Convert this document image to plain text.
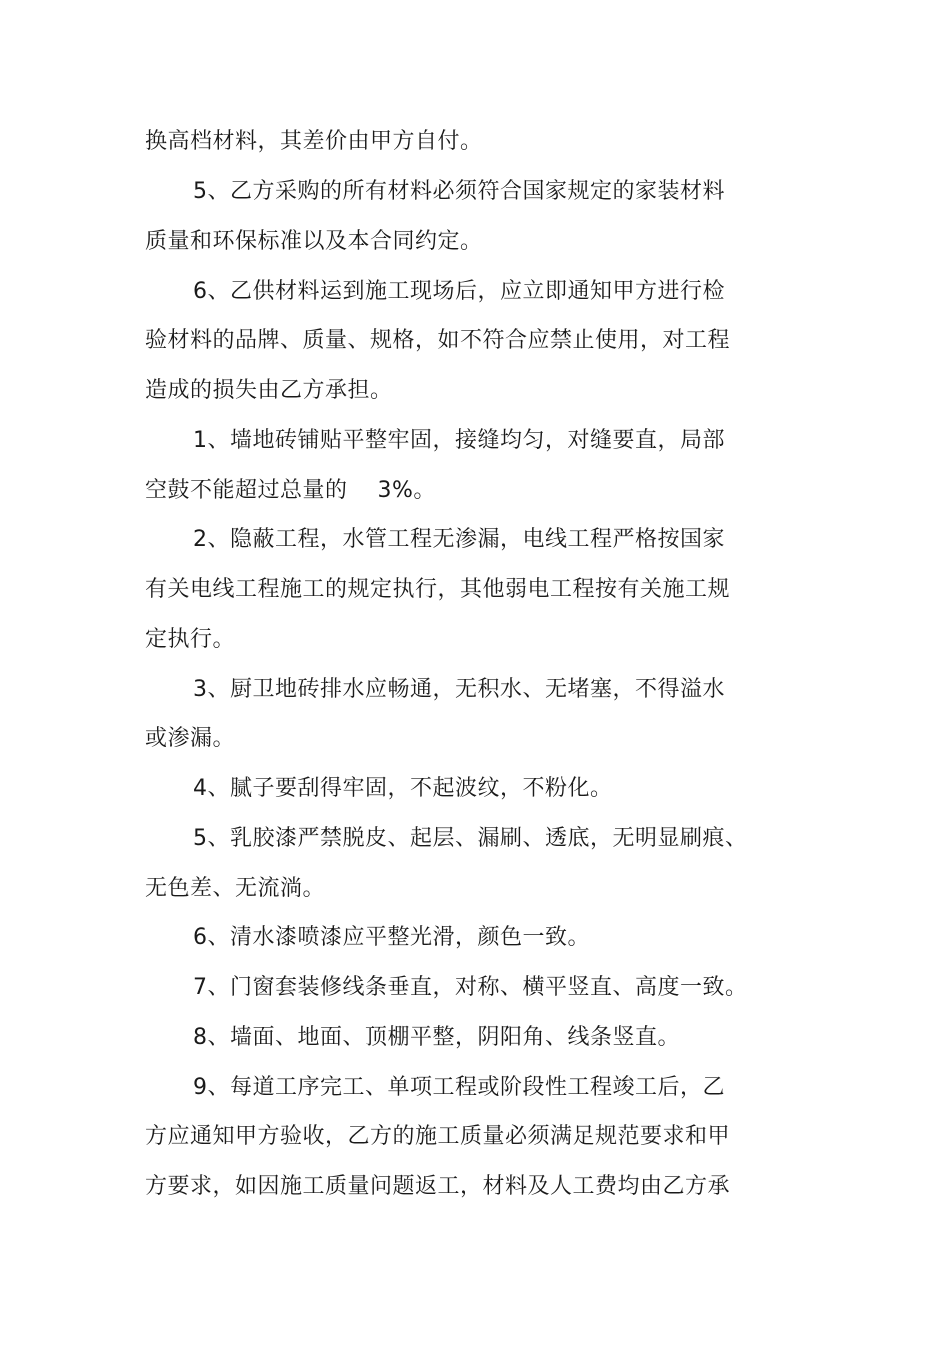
换高档材料，其差价由甲方自付。
5、乙方采购的所有材料必须符合国家规定的家装材料
质量和环保标准以及本合同约定。
6、乙供材料运到施工现场后，应立即通知甲方进行检
验材料的品牌、质量、规格，如不符合应禁止使用，对工程
造成的损失由乙方承担。
1、墙地砖铺贴平整牢固，接缝均匀，对缝要直，局部
空鼓不能超过总量的    3%。
2、隐蔽工程，水管工程无渗漏，电线工程严格按国家
有关电线工程施工的规定执行，其他弱电工程按有关施工规
定执行。
3、厨卫地砖排水应畅通，无积水、无堵塞，不得溢水
或渗漏。
4、腻子要刮得牢固，不起波纹，不粉化。
5、乳胶漆严禁脱皮、起层、漏刷、透底，无明显刷痕、
无色差、无流淌。
6、清水漆喷漆应平整光滑，颜色一致。
7、门窗套装修线条垂直，对称、横平竖直、高度一致。
8、墙面、地面、顶棚平整，阴阳角、线条竖直。
9、每道工序完工、单项工程或阶段性工程竣工后，乙
方应通知甲方验收，乙方的施工质量必须满足规范要求和甲
方要求，如因施工质量问题返工，材料及人工费均由乙方承
